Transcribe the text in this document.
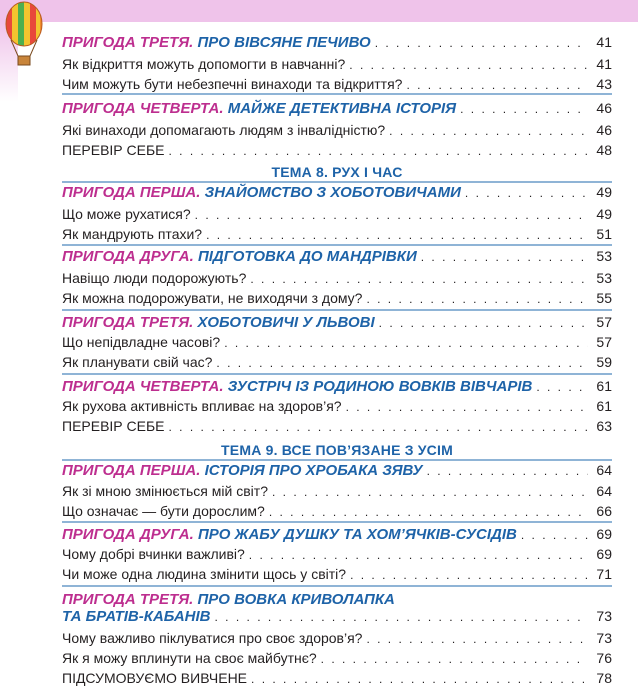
ПРИГОДА ТРЕТЯ. ПРО ВІВСЯНЕ ПЕЧИВО . . .	41
Як відкриття можуть допомогти в навчанні? . . .	41
Чим можуть бути небезпечні винаходи та відкриття? . . .	43
ПРИГОДА ЧЕТВЕРТА. МАЙЖЕ ДЕТЕКТИВНА ІСТОРІЯ . . .	46
Які винаходи допомагають людям з інвалідністю? . . .	46
ПЕРЕВІР СЕБЕ . . .	48
ТЕМА 8. РУХ І ЧАС
ПРИГОДА ПЕРША. ЗНАЙОМСТВО З ХОБОТОВИЧАМИ . . .	49
Що може рухатися? . . .	49
Як мандрують птахи? . . .	51
ПРИГОДА ДРУГА. ПІДГОТОВКА ДО МАНДРІВКИ . . .	53
Навіщо люди подорожують? . . .	53
Як можна подорожувати, не виходячи з дому? . . .	55
ПРИГОДА ТРЕТЯ. ХОБОТОВИЧІ У ЛЬВОВІ . . .	57
Що непідвладне часові? . . .	57
Як планувати свій час? . . .	59
ПРИГОДА ЧЕТВЕРТА. ЗУСТРІЧ ІЗ РОДИНОЮ ВОВКІВ ВІВЧАРІВ . . .	61
Як рухова активність впливає на здоров’я? . . .	61
ПЕРЕВІР СЕБЕ . . .	63
ТЕМА 9. ВСЕ ПОВ’ЯЗАНЕ З УСІМ
ПРИГОДА ПЕРША. ІСТОРІЯ ПРО ХРОБАКА ЗЯВУ . . .	64
Як зі мною змінюється мій світ? . . .	64
Що означає — бути дорослим? . . .	66
ПРИГОДА ДРУГА. ПРО ЖАБУ ДУШКУ ТА ХОМ’ЯЧКІВ-СУСІДІВ . . .	69
Чому добрі вчинки важливі? . . .	69
Чи може одна людина змінити щось у світі? . . .	71
ПРИГОДА ТРЕТЯ. ПРО ВОВКА КРИВОЛАПКА
ТА БРАТІВ-КАБАНІВ . . .	73
Чому важливо піклуватися про своє здоров’я? . . .	73
Як я можу вплинути на своє майбутнє? . . .	76
ПІДСУМОВУЄМО ВИВЧЕНЕ . . .	78
